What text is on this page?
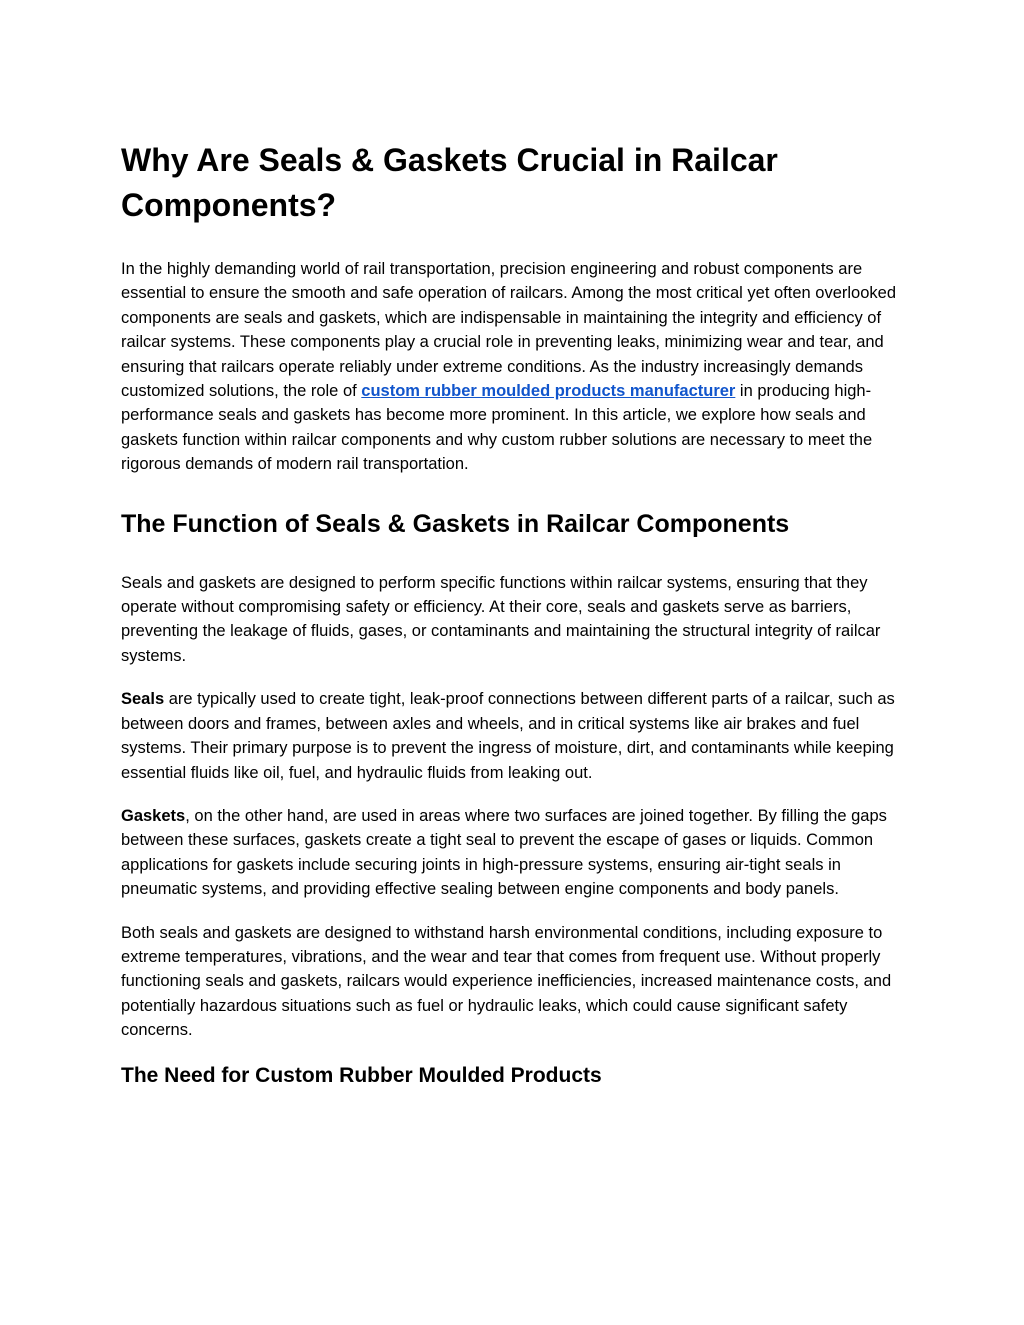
Why Are Seals & Gaskets Crucial in Railcar Components?

In the highly demanding world of rail transportation, precision engineering and robust components are essential to ensure the smooth and safe operation of railcars. Among the most critical yet often overlooked components are seals and gaskets, which are indispensable in maintaining the integrity and efficiency of railcar systems. These components play a crucial role in preventing leaks, minimizing wear and tear, and ensuring that railcars operate reliably under extreme conditions. As the industry increasingly demands customized solutions, the role of custom rubber moulded products manufacturer in producing high-performance seals and gaskets has become more prominent. In this article, we explore how seals and gaskets function within railcar components and why custom rubber solutions are necessary to meet the rigorous demands of modern rail transportation.

The Function of Seals & Gaskets in Railcar Components

Seals and gaskets are designed to perform specific functions within railcar systems, ensuring that they operate without compromising safety or efficiency. At their core, seals and gaskets serve as barriers, preventing the leakage of fluids, gases, or contaminants and maintaining the structural integrity of railcar systems.

Seals are typically used to create tight, leak-proof connections between different parts of a railcar, such as between doors and frames, between axles and wheels, and in critical systems like air brakes and fuel systems. Their primary purpose is to prevent the ingress of moisture, dirt, and contaminants while keeping essential fluids like oil, fuel, and hydraulic fluids from leaking out.

Gaskets, on the other hand, are used in areas where two surfaces are joined together. By filling the gaps between these surfaces, gaskets create a tight seal to prevent the escape of gases or liquids. Common applications for gaskets include securing joints in high-pressure systems, ensuring air-tight seals in pneumatic systems, and providing effective sealing between engine components and body panels.

Both seals and gaskets are designed to withstand harsh environmental conditions, including exposure to extreme temperatures, vibrations, and the wear and tear that comes from frequent use. Without properly functioning seals and gaskets, railcars would experience inefficiencies, increased maintenance costs, and potentially hazardous situations such as fuel or hydraulic leaks, which could cause significant safety concerns.

The Need for Custom Rubber Moulded Products
